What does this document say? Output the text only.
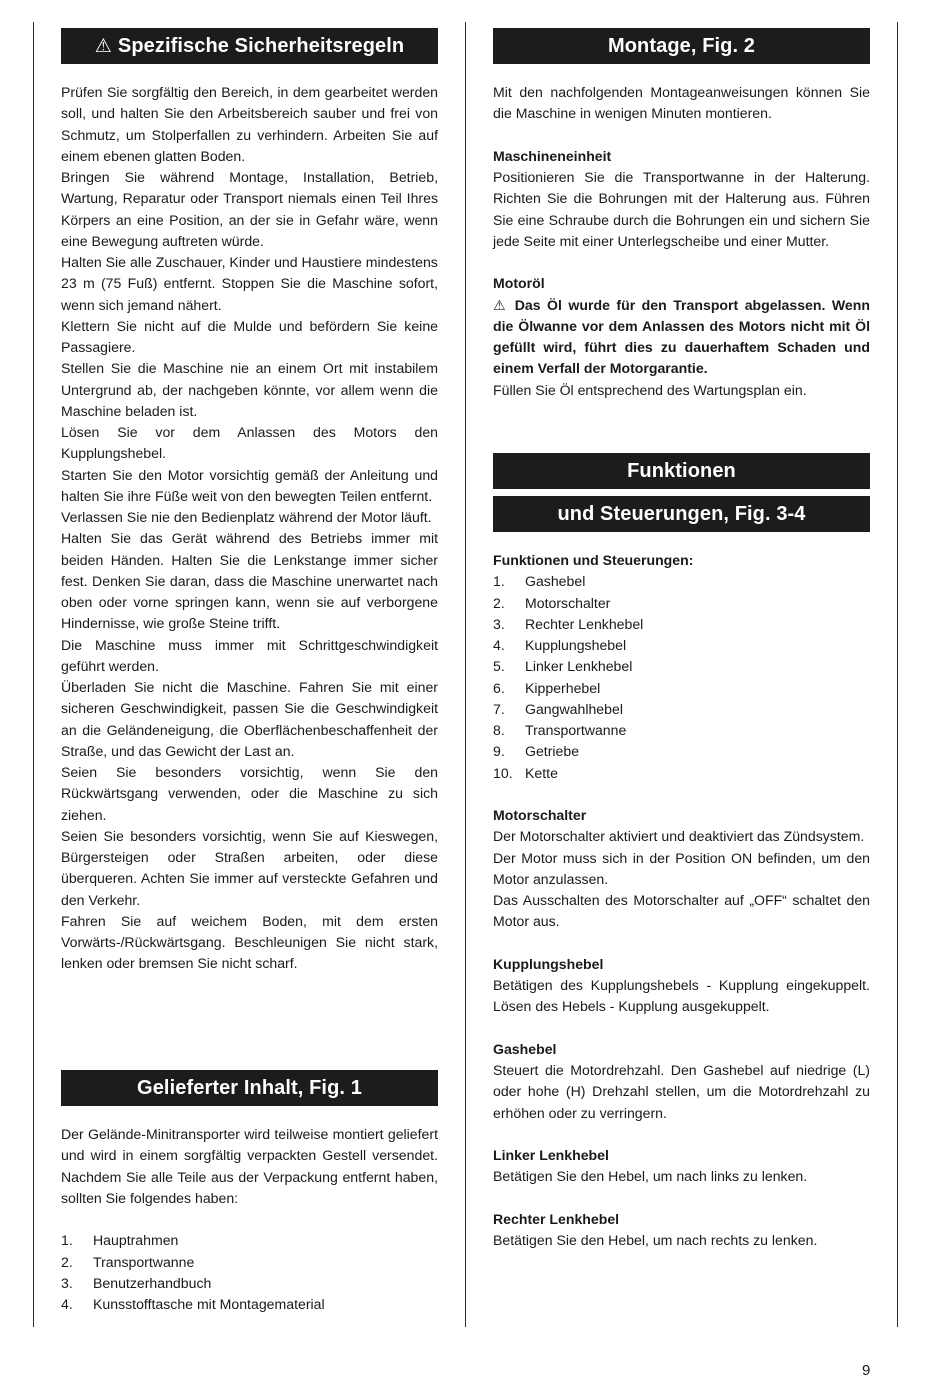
⚠ Spezifische Sicherheitsregeln

Prüfen Sie sorgfältig den Bereich, in dem gearbeitet werden soll, und halten Sie den Arbeitsbereich sauber und frei von Schmutz, um Stolperfallen zu verhindern. Arbeiten Sie auf einem ebenen glatten Boden.

Bringen Sie während Montage, Installation, Betrieb, Wartung, Reparatur oder Transport niemals einen Teil Ihres Körpers an eine Position, an der sie in Gefahr wäre, wenn eine Bewegung auftreten würde.

Halten Sie alle Zuschauer, Kinder und Haustiere mindestens

23 m (75 Fuß) entfernt. Stoppen Sie die Maschine sofort, wenn sich jemand nähert.

Klettern Sie nicht auf die Mulde und befördern Sie keine Passagiere.

Stellen Sie die Maschine nie an einem Ort mit instabilem Untergrund ab, der nachgeben könnte, vor allem wenn die Maschine beladen ist.

Lösen Sie vor dem Anlassen des Motors den Kupplungshebel.

Starten Sie den Motor vorsichtig gemäß der Anleitung und halten Sie ihre Füße weit von den bewegten Teilen entfernt.

Verlassen Sie nie den Bedienplatz während der Motor läuft.

Halten Sie das Gerät während des Betriebs immer mit beiden Händen. Halten Sie die Lenkstange immer sicher fest. Denken Sie daran, dass die Maschine unerwartet nach oben oder vorne springen kann, wenn sie auf verborgene Hindernisse, wie große Steine trifft.

Die Maschine muss immer mit Schrittgeschwindigkeit geführt werden.

Überladen Sie nicht die Maschine. Fahren Sie mit einer sicheren Geschwindigkeit, passen Sie die Geschwindigkeit an die Geländeneigung, die Oberflächenbeschaffenheit der Straße, und das Gewicht der Last an.

Seien Sie besonders vorsichtig, wenn Sie den Rückwärtsgang verwenden, oder die Maschine zu sich ziehen.

Seien Sie besonders vorsichtig, wenn Sie auf Kieswegen, Bürgersteigen oder Straßen arbeiten, oder diese überqueren. Achten Sie immer auf versteckte Gefahren und den Verkehr.

Fahren Sie auf weichem Boden, mit dem ersten Vorwärts-/Rückwärtsgang. Beschleunigen Sie nicht stark, lenken oder bremsen Sie nicht scharf.

Gelieferter Inhalt, Fig. 1

Der Gelände-Minitransporter wird teilweise montiert geliefert und wird in einem sorgfältig verpackten Gestell versendet. Nachdem Sie alle Teile aus der Verpackung entfernt haben, sollten Sie folgendes haben:

1.	Hauptrahmen
2.	Transportwanne
3.	Benutzerhandbuch
4.	Kunsstofftasche mit Montagematerial
Montage, Fig. 2

Mit den nachfolgenden Montageanweisungen können Sie die Maschine in wenigen Minuten montieren.

Maschineneinheit

Positionieren Sie die Transportwanne in der Halterung. Richten Sie die Bohrungen mit der Halterung aus. Führen Sie eine Schraube durch die Bohrungen ein und sichern Sie jede Seite mit einer Unterlegscheibe und einer Mutter.

Motoröl

⚠ Das Öl wurde für den Transport abgelassen. Wenn die Ölwanne vor dem Anlassen des Motors nicht mit Öl gefüllt wird, führt dies zu dauerhaftem Schaden und einem Verfall der Motorgarantie.

Füllen Sie Öl entsprechend des Wartungsplan ein.

Funktionen
und Steuerungen, Fig. 3-4

Funktionen und Steuerungen:

1.	Gashebel
2.	Motorschalter
3.	Rechter Lenkhebel
4.	Kupplungshebel
5.	Linker Lenkhebel
6.	Kipperhebel
7.	Gangwahlhebel
8.	Transportwanne
9.	Getriebe
10. Kette

Motorschalter

Der Motorschalter aktiviert und deaktiviert das Zündsystem.

Der Motor muss sich in der Position ON befinden, um den Motor anzulassen.

Das Ausschalten des Motorschalter auf „OFF“ schaltet den Motor aus.

Kupplungshebel

Betätigen des Kupplungshebels - Kupplung eingekuppelt. Lösen des Hebels - Kupplung ausgekuppelt.

Gashebel

Steuert die Motordrehzahl. Den Gashebel auf niedrige (L) oder hohe (H) Drehzahl stellen, um die Motordrehzahl zu erhöhen oder zu verringern.

Linker Lenkhebel

Betätigen Sie den Hebel, um nach links zu lenken.

Rechter Lenkhebel

Betätigen Sie den Hebel, um nach rechts zu lenken.

9
